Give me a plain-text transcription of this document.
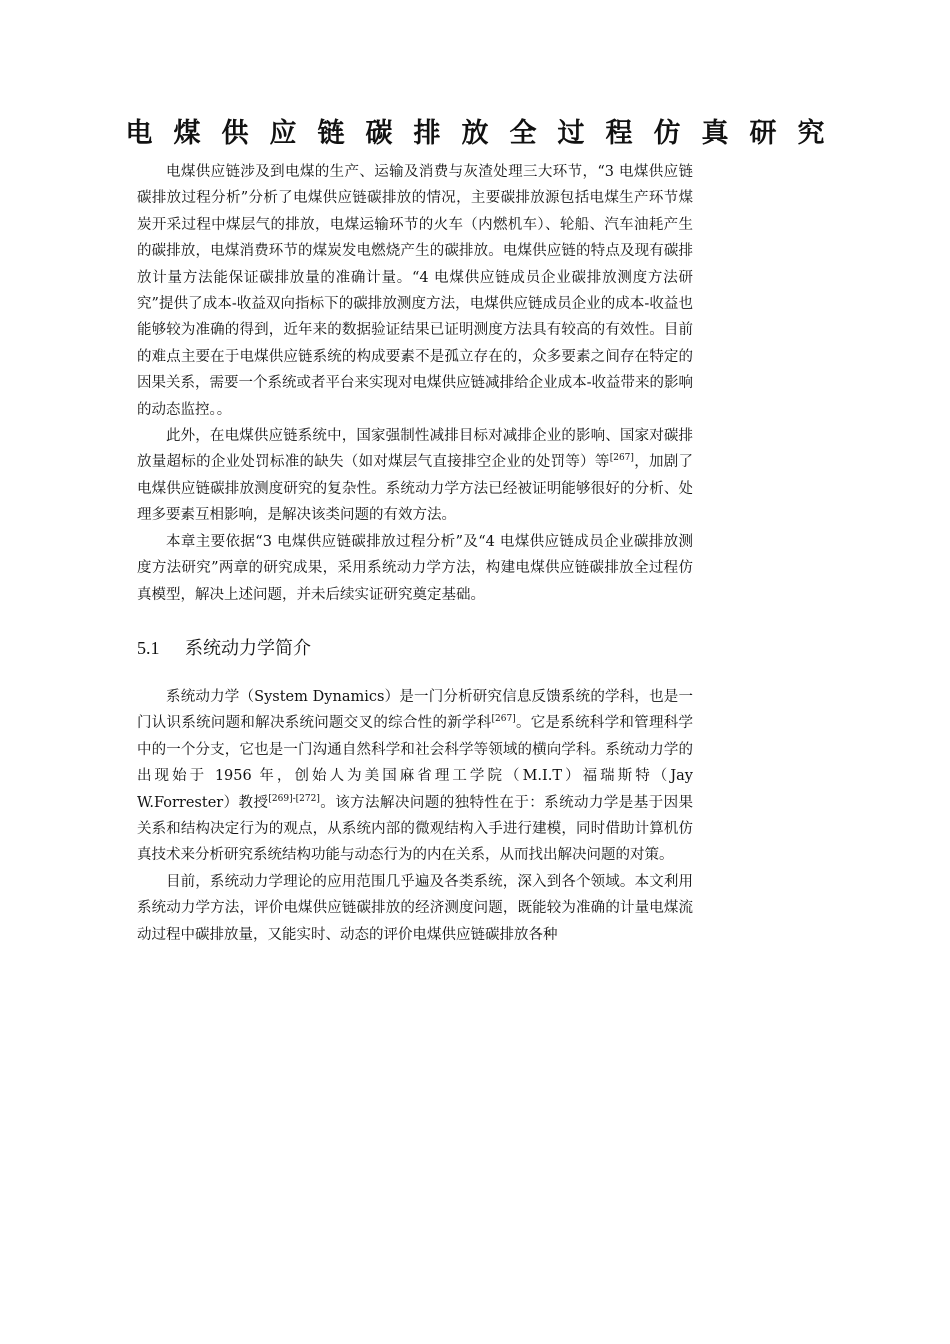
电煤供应链碳排放全过程仿真研究

电煤供应链涉及到电煤的生产、运输及消费与灰渣处理三大环节，“3 电煤供应链碳排放过程分析”分析了电煤供应链碳排放的情况，主要碳排放源包括电煤生产环节煤炭开采过程中煤层气的排放，电煤运输环节的火车（内燃机车）、轮船、汽车油耗产生的碳排放，电煤消费环节的煤炭发电燃烧产生的碳排放。电煤供应链的特点及现有碳排放计量方法能保证碳排放量的准确计量。“4 电煤供应链成员企业碳排放测度方法研究”提供了成本-收益双向指标下的碳排放测度方法，电煤供应链成员企业的成本-收益也能够较为准确的得到，近年来的数据验证结果已证明测度方法具有较高的有效性。目前的难点主要在于电煤供应链系统的构成要素不是孤立存在的，众多要素之间存在特定的因果关系，需要一个系统或者平台来实现对电煤供应链减排给企业成本-收益带来的影响的动态监控。。

此外，在电煤供应链系统中，国家强制性减排目标对减排企业的影响、国家对碳排放量超标的企业处罚标准的缺失（如对煤层气直接排空企业的处罚等）等[267]，加剧了电煤供应链碳排放测度研究的复杂性。系统动力学方法已经被证明能够很好的分析、处理多要素互相影响，是解决该类问题的有效方法。

本章主要依据“3 电煤供应链碳排放过程分析”及“4 电煤供应链成员企业碳排放测度方法研究”两章的研究成果，采用系统动力学方法，构建电煤供应链碳排放全过程仿真模型，解决上述问题，并未后续实证研究奠定基础。

5.1 系统动力学简介

系统动力学（System Dynamics）是一门分析研究信息反馈系统的学科，也是一门认识系统问题和解决系统问题交叉的综合性的新学科[267]。它是系统科学和管理科学中的一个分支，它也是一门沟通自然科学和社会科学等领域的横向学科。系统动力学的出现始于 1956 年，创始人为美国麻省理工学院（M.I.T）福瑞斯特（Jay W.Forrester）教授[269]-[272]。该方法解决问题的独特性在于：系统动力学是基于因果关系和结构决定行为的观点，从系统内部的微观结构入手进行建模，同时借助计算机仿真技术来分析研究系统结构功能与动态行为的内在关系，从而找出解决问题的对策。

目前，系统动力学理论的应用范围几乎遍及各类系统，深入到各个领域。本文利用系统动力学方法，评价电煤供应链碳排放的经济测度问题，既能较为准确的计量电煤流动过程中碳排放量，又能实时、动态的评价电煤供应链碳排放各种
